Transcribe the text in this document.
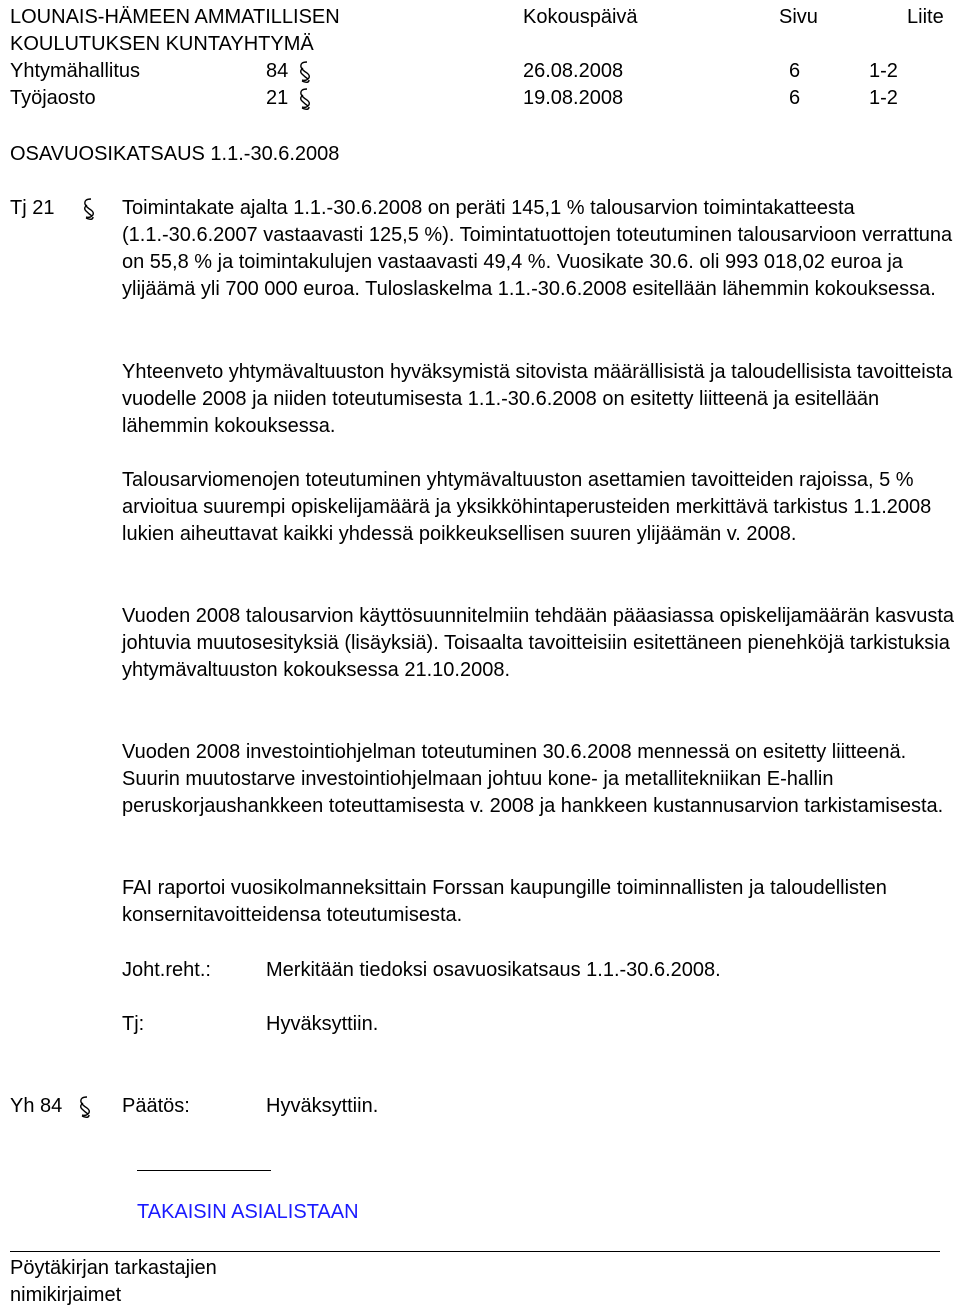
LOUNAIS-HÄMEEN AMMATILLISEN
KOULUTUKSEN KUNTAYHTYMÄ
Kokouspäivä	Sivu	Liite
Yhtymähallitus	84	26.08.2008	6	1-2
Työjaosto	21	19.08.2008	6	1-2
OSAVUOSIKATSAUS 1.1.-30.6.2008
Tj 21	Toimintakate ajalta 1.1.-30.6.2008 on peräti 145,1 % talousarvion toimintakatteesta (1.1.-30.6.2007 vastaavasti 125,5 %). Toimintatuottojen toteutuminen talousarvioon verrattuna on 55,8 % ja toimintakulujen vastaavasti 49,4 %. Vuosikate 30.6. oli 993 018,02 euroa ja ylijäämä yli 700 000 euroa. Tuloslaskelma 1.1.-30.6.2008 esitellään lähemmin kokouksessa.
Yhteenveto yhtymävaltuuston hyväksymistä sitovista määrällisistä ja taloudellisista tavoitteista vuodelle 2008 ja niiden toteutumisesta 1.1.-30.6.2008 on esitetty liitteenä ja esitellään lähemmin kokouksessa.
Talousarviomenojen toteutuminen yhtymävaltuuston asettamien tavoitteiden rajoissa, 5 % arvioitua suurempi opiskelijamäärä ja yksikköhintaperusteiden merkittävä tarkistus 1.1.2008 lukien aiheuttavat kaikki yhdessä poikkeuksellisen suuren ylijäämän v. 2008.
Vuoden 2008 talousarvion käyttösuunnitelmiin tehdään pääasiassa opiskelijamäärän kasvusta johtuvia muutosesityksiä (lisäyksiä). Toisaalta tavoitteisiin esitettäneen pienehköjä tarkistuksia yhtymävaltuuston kokouksessa 21.10.2008.
Vuoden 2008 investointiohjelman toteutuminen 30.6.2008 mennessä on esitetty liitteenä. Suurin muutostarve investointiohjelmaan johtuu kone- ja metallitekniikan E-hallin peruskorjaushankkeen toteuttamisesta v. 2008 ja hankkeen kustannusarvion tarkistamisesta.
FAI raportoi vuosikolmanneksittain Forssan kaupungille toiminnallisten ja taloudellisten konsernitavoitteidensa toteutumisesta.
Joht.reht.:	Merkitään tiedoksi osavuosikatsaus 1.1.-30.6.2008.
Tj:	Hyväksyttiin.
Yh 84	Päätös:	Hyväksyttiin.
TAKAISIN ASIALISTAAN
Pöytäkirjan tarkastajien
nimikirjaimet
